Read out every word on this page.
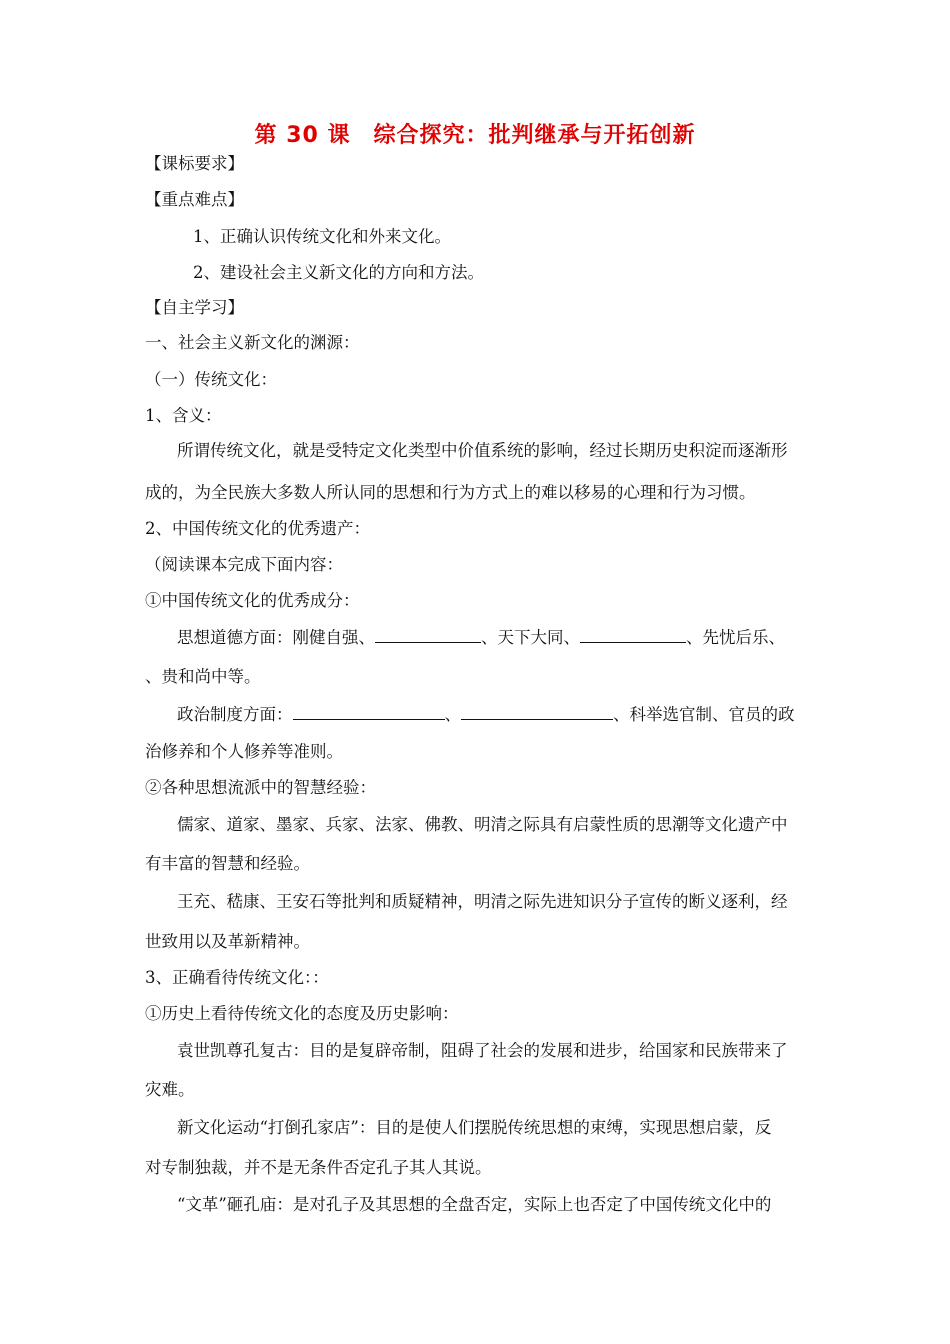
第 30 课　综合探究：批判继承与开拓创新
【课标要求】
【重点难点】
1、正确认识传统文化和外来文化。
2、建设社会主义新文化的方向和方法。
【自主学习】
一、社会主义新文化的渊源：
（一）传统文化：
1、含义：
所谓传统文化，就是受特定文化类型中价值系统的影响，经过长期历史积淀而逐渐形
成的，为全民族大多数人所认同的思想和行为方式上的难以移易的心理和行为习惯。
2、中国传统文化的优秀遗产：
（阅读课本完成下面内容：
①中国传统文化的优秀成分：
思想道德方面：刚健自强、	、天下大同、	、先忧后乐、
、贵和尚中等。
政治制度方面：	、	、科举选官制、官员的政
治修养和个人修养等准则。
②各种思想流派中的智慧经验：
儒家、道家、墨家、兵家、法家、佛教、明清之际具有启蒙性质的思潮等文化遗产中
有丰富的智慧和经验。
王充、嵇康、王安石等批判和质疑精神，明清之际先进知识分子宣传的断义逐利，经
世致用以及革新精神。
3、正确看待传统文化：：
①历史上看待传统文化的态度及历史影响：
袁世凯尊孔复古：目的是复辟帝制，阻碍了社会的发展和进步，给国家和民族带来了
灾难。
新文化运动“打倒孔家店”：目的是使人们摆脱传统思想的束缚，实现思想启蒙，反
对专制独裁，并不是无条件否定孔子其人其说。
“文革”砸孔庙：是对孔子及其思想的全盘否定，实际上也否定了中国传统文化中的
